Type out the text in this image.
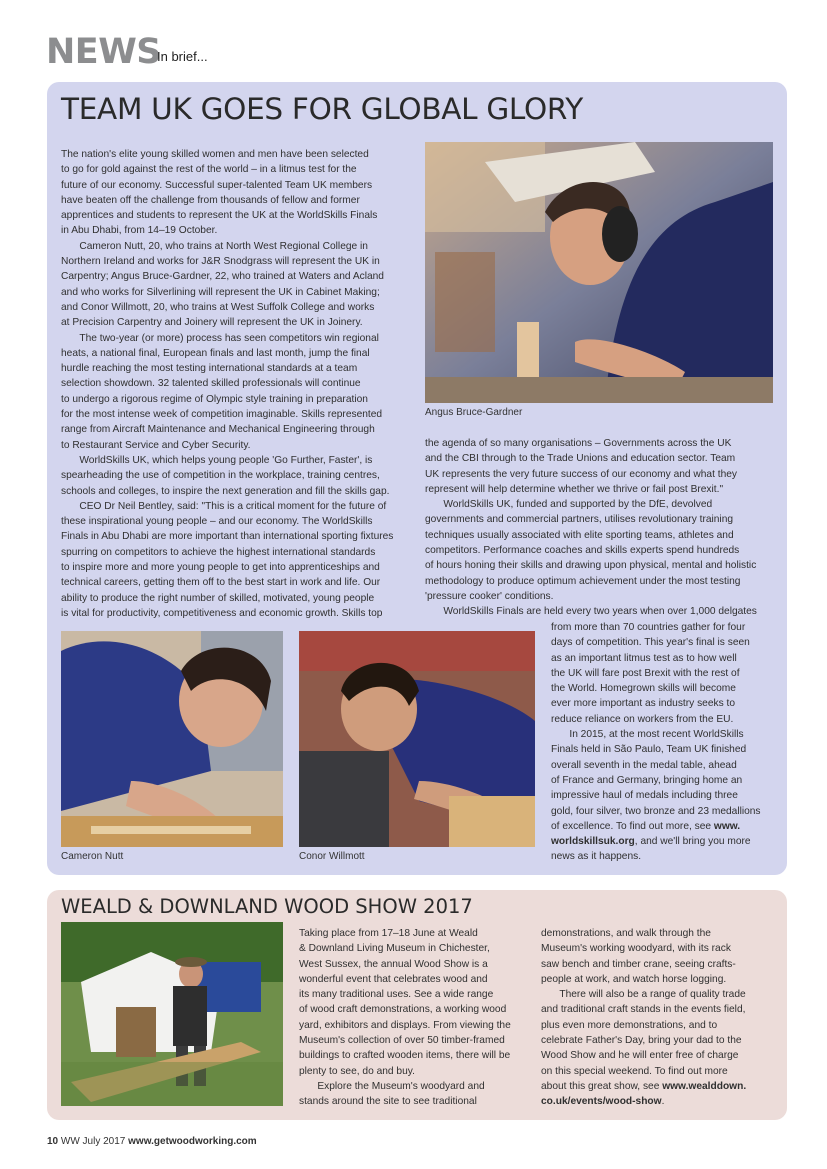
NEWS
In brief...
TEAM UK GOES FOR GLOBAL GLORY

The nation's elite young skilled women and men have been selected
to go for gold against the rest of the world – in a litmus test for the
future of our economy. Successful super-talented Team UK members
have beaten off the challenge from thousands of fellow and former
apprentices and students to represent the UK at the WorldSkills Finals
in Abu Dhabi, from 14–19 October.

Cameron Nutt, 20, who trains at North West Regional College in
Northern Ireland and works for J&R Snodgrass will represent the UK in
Carpentry; Angus Bruce-Gardner, 22, who trained at Waters and Acland
and who works for Silverlining will represent the UK in Cabinet Making;
and Conor Willmott, 20, who trains at West Suffolk College and works
at Precision Carpentry and Joinery will represent the UK in Joinery.

The two-year (or more) process has seen competitors win regional
heats, a national final, European finals and last month, jump the final
hurdle reaching the most testing international standards at a team
selection showdown. 32 talented skilled professionals will continue
to undergo a rigorous regime of Olympic style training in preparation
for the most intense week of competition imaginable. Skills represented
range from Aircraft Maintenance and Mechanical Engineering through
to Restaurant Service and Cyber Security.

WorldSkills UK, which helps young people 'Go Further, Faster', is
spearheading the use of competition in the workplace, training centres,
schools and colleges, to inspire the next generation and fill the skills gap.

CEO Dr Neil Bentley, said: "This is a critical moment for the future of
these inspirational young people – and our economy. The WorldSkills
Finals in Abu Dhabi are more important than international sporting fixtures
spurring on competitors to achieve the highest international standards
to inspire more and more young people to get into apprenticeships and
technical careers, getting them off to the best start in work and life. Our
ability to produce the right number of skilled, motivated, young people
is vital for productivity, competitiveness and economic growth. Skills top

Angus Bruce-Gardner

the agenda of so many organisations – Governments across the UK
and the CBI through to the Trade Unions and education sector. Team
UK represents the very future success of our economy and what they
represent will help determine whether we thrive or fail post Brexit."

WorldSkills UK, funded and supported by the DfE, devolved
governments and commercial partners, utilises revolutionary training
techniques usually associated with elite sporting teams, athletes and
competitors. Performance coaches and skills experts spend hundreds
of hours honing their skills and drawing upon physical, mental and holistic
methodology to produce optimum achievement under the most testing
'pressure cooker' conditions.

WorldSkills Finals are held every two years when over 1,000 delgates
Cameron Nutt	Conor Willmott

from more than 70 countries gather for four
days of competition. This year's final is seen
as an important litmus test as to how well
the UK will fare post Brexit with the rest of
the World. Homegrown skills will become
ever more important as industry seeks to
reduce reliance on workers from the EU.

In 2015, at the most recent WorldSkills
Finals held in São Paulo, Team UK finished
overall seventh in the medal table, ahead
of France and Germany, bringing home an
impressive haul of medals including three
gold, four silver, two bronze and 23 medallions

of excellence. To find out more, see www.

worldskillsuk.org, and we'll bring you more

news as it happens.

WEALD & DOWNLAND WOOD SHOW 2017

Taking place from 17–18 June at Weald
& Downland Living Museum in Chichester,
West Sussex, the annual Wood Show is a
wonderful event that celebrates wood and
its many traditional uses. See a wide range
of wood craft demonstrations, a working wood
yard, exhibitors and displays. From viewing the
Museum's collection of over 50 timber-framed
buildings to crafted wooden items, there will be
plenty to see, do and buy.

Explore the Museum's woodyard and
stands around the site to see traditional

demonstrations, and walk through the
Museum's working woodyard, with its rack
saw bench and timber crane, seeing crafts-
people at work, and watch horse logging.

There will also be a range of quality trade
and traditional craft stands in the events field,
plus even more demonstrations, and to
celebrate Father's Day, bring your dad to the
Wood Show and he will enter free of charge
on this special weekend. To find out more

about this great show, see www.wealddown.

co.uk/events/wood-show.

10 WW July 2017 www.getwoodworking.com
